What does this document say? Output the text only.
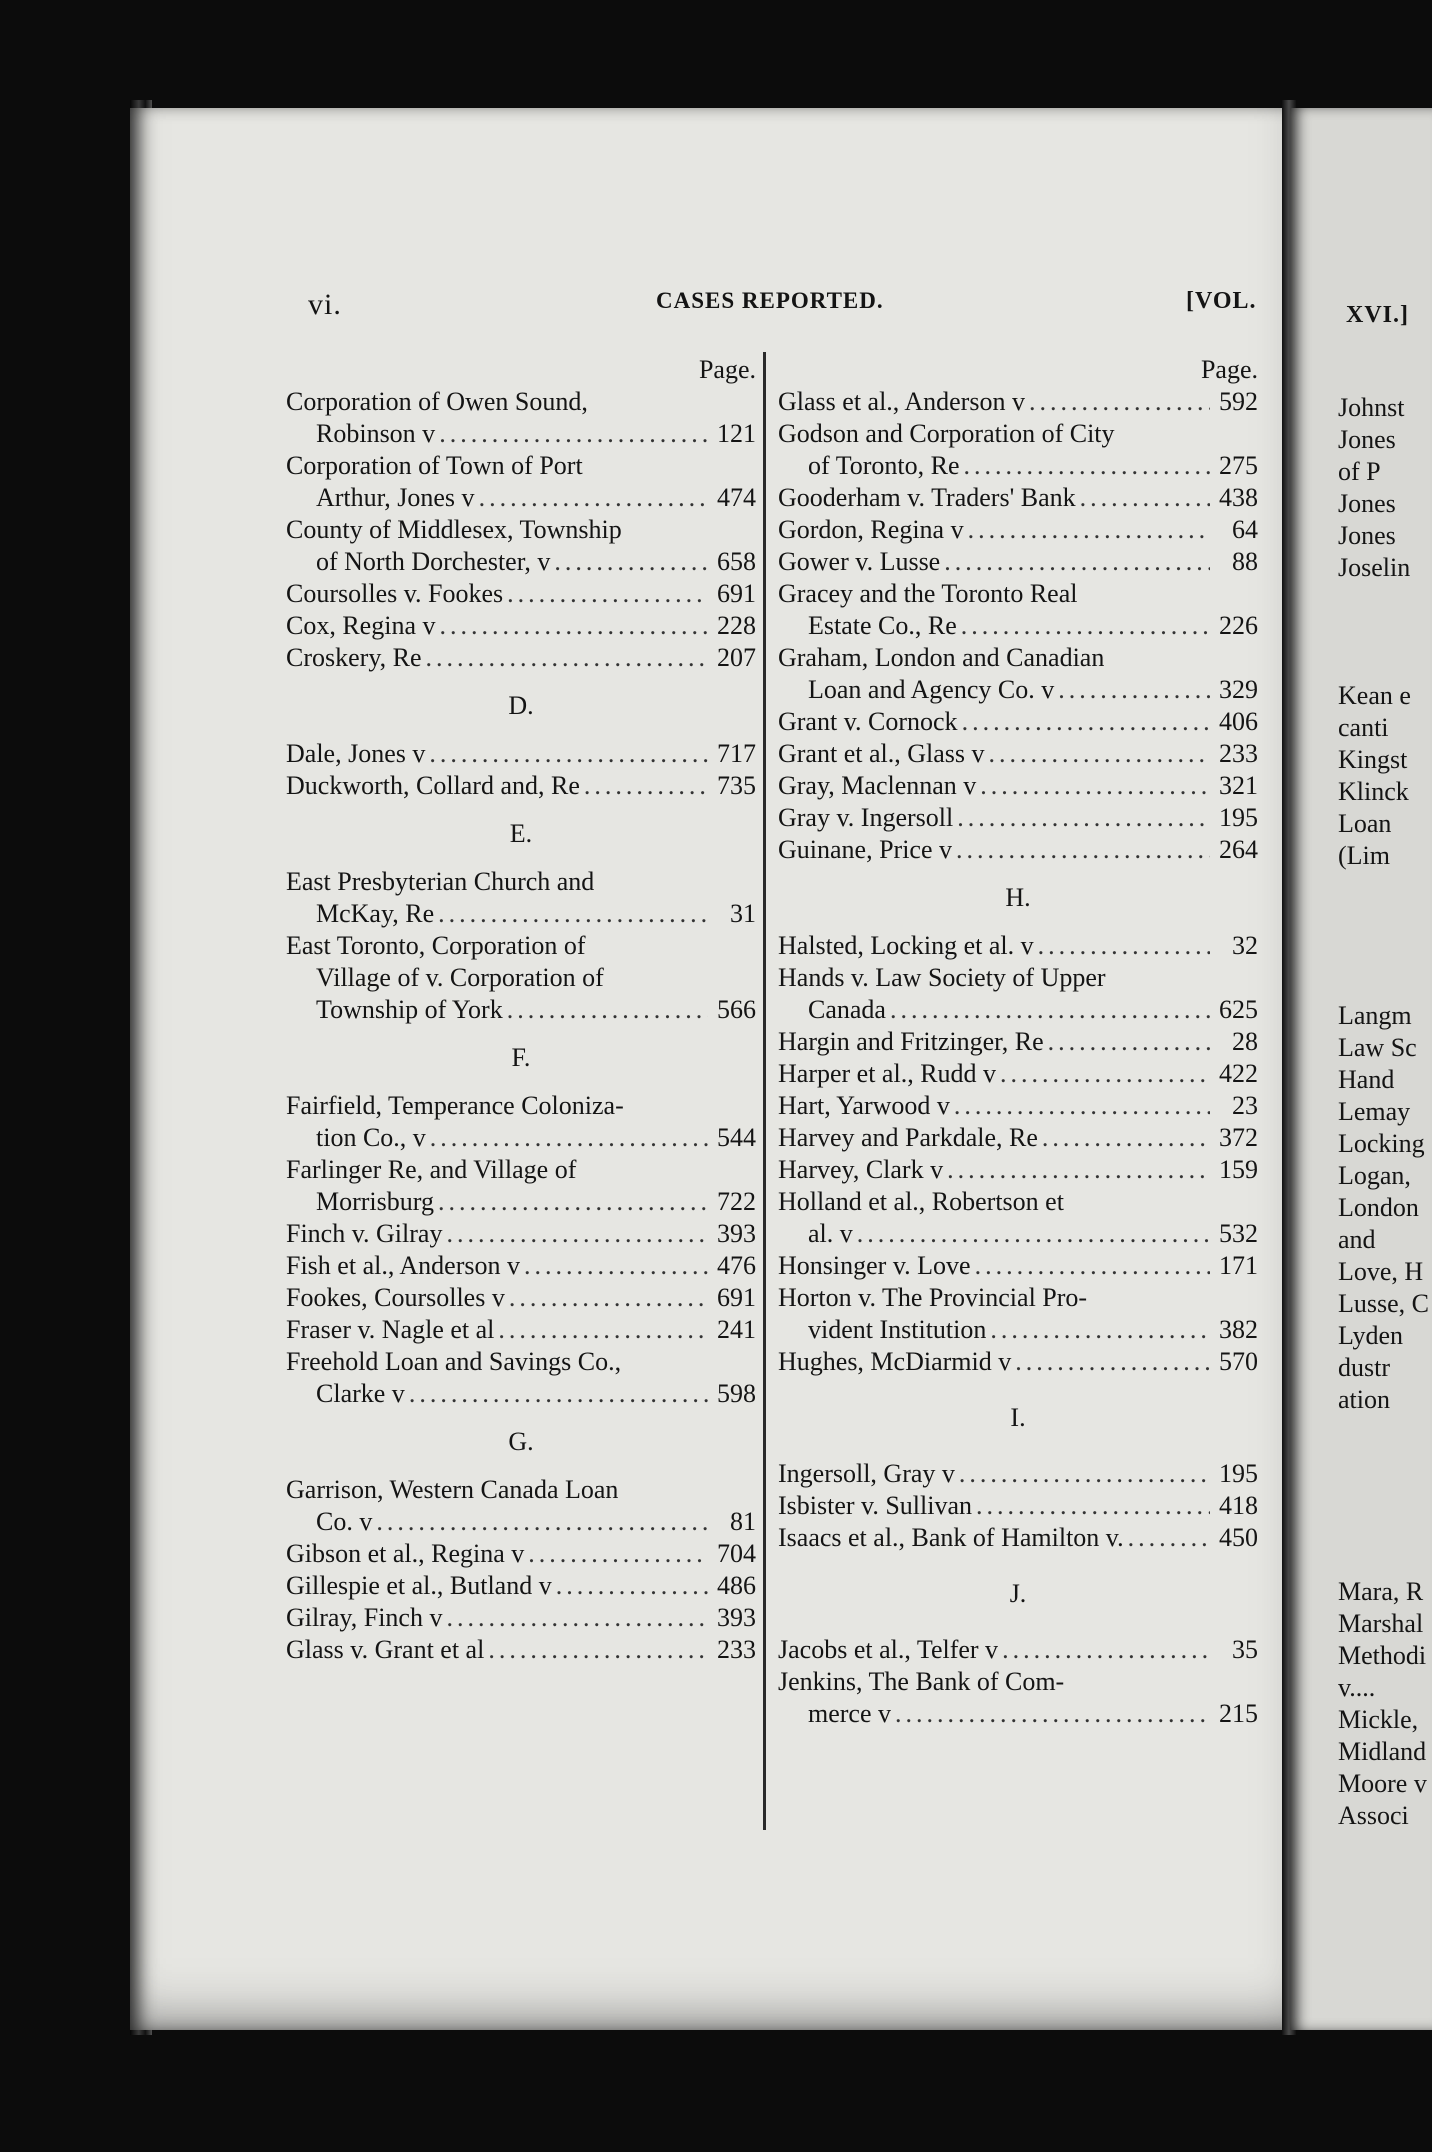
vi.	CASES REPORTED.	[VOL.
XVI.]
Page.
Corporation of Owen Sound,
Robinson v .....	121
Corporation of Town of Port
Arthur, Jones v .....	474
County of Middlesex, Township
of North Dorchester, v .....	658
Coursolles v. Fookes .....	691
Cox, Regina v .....	228
Croskery, Re .....	207
D.
Dale, Jones v .....	717
Duckworth, Collard and, Re .....	735
E.
East Presbyterian Church and
McKay, Re .....	31
East Toronto, Corporation of
Village of v. Corporation of
Township of York .....	566
F.
Fairfield, Temperance Coloniza-
tion Co., v .....	544
Farlinger Re, and Village of
Morrisburg .....	722
Finch v. Gilray .....	393
Fish et al., Anderson v .....	476
Fookes, Coursolles v .....	691
Fraser v. Nagle et al .....	241
Freehold Loan and Savings Co.,
Clarke v .....	598
G.
Garrison, Western Canada Loan
Co. v .....	81
Gibson et al., Regina v .....	704
Gillespie et al., Butland v .....	486
Gilray, Finch v .....	393
Glass v. Grant et al .....	233
Page.
Glass et al., Anderson v .....	592
Godson and Corporation of City
of Toronto, Re .....	275
Gooderham v. Traders' Bank .....	438
Gordon, Regina v .....	64
Gower v. Lusse .....	88
Gracey and the Toronto Real
Estate Co., Re .....	226
Graham, London and Canadian
Loan and Agency Co. v .....	329
Grant v. Cornock .....	406
Grant et al., Glass v .....	233
Gray, Maclennan v .....	321
Gray v. Ingersoll .....	195
Guinane, Price v .....	264
H.
Halsted, Locking et al. v .....	32
Hands v. Law Society of Upper
Canada .....	625
Hargin and Fritzinger, Re .....	28
Harper et al., Rudd v .....	422
Hart, Yarwood v .....	23
Harvey and Parkdale, Re .....	372
Harvey, Clark v .....	159
Holland et al., Robertson et
al. v .....	532
Honsinger v. Love .....	171
Horton v. The Provincial Pro-
vident Institution .....	382
Hughes, McDiarmid v .....	570
I.
Ingersoll, Gray v .....	195
Isbister v. Sullivan .....	418
Isaacs et al., Bank of Hamilton v. .....	450
J.
Jacobs et al., Telfer v .....	35
Jenkins, The Bank of Com-
merce v .....	215
Johnst
Jones
of P
Jones
Jones
Joselin
Kean e
canti
Kingst
Klinck
Loan
(Lim
Langm
Law Sc
Hand
Lemay
Locking
Logan,
London
and
Love, H
Lusse, C
Lyden
dustr
ation
Mara, R
Marshal
Methodi
v....
Mickle,
Midland
Moore v
Associ
